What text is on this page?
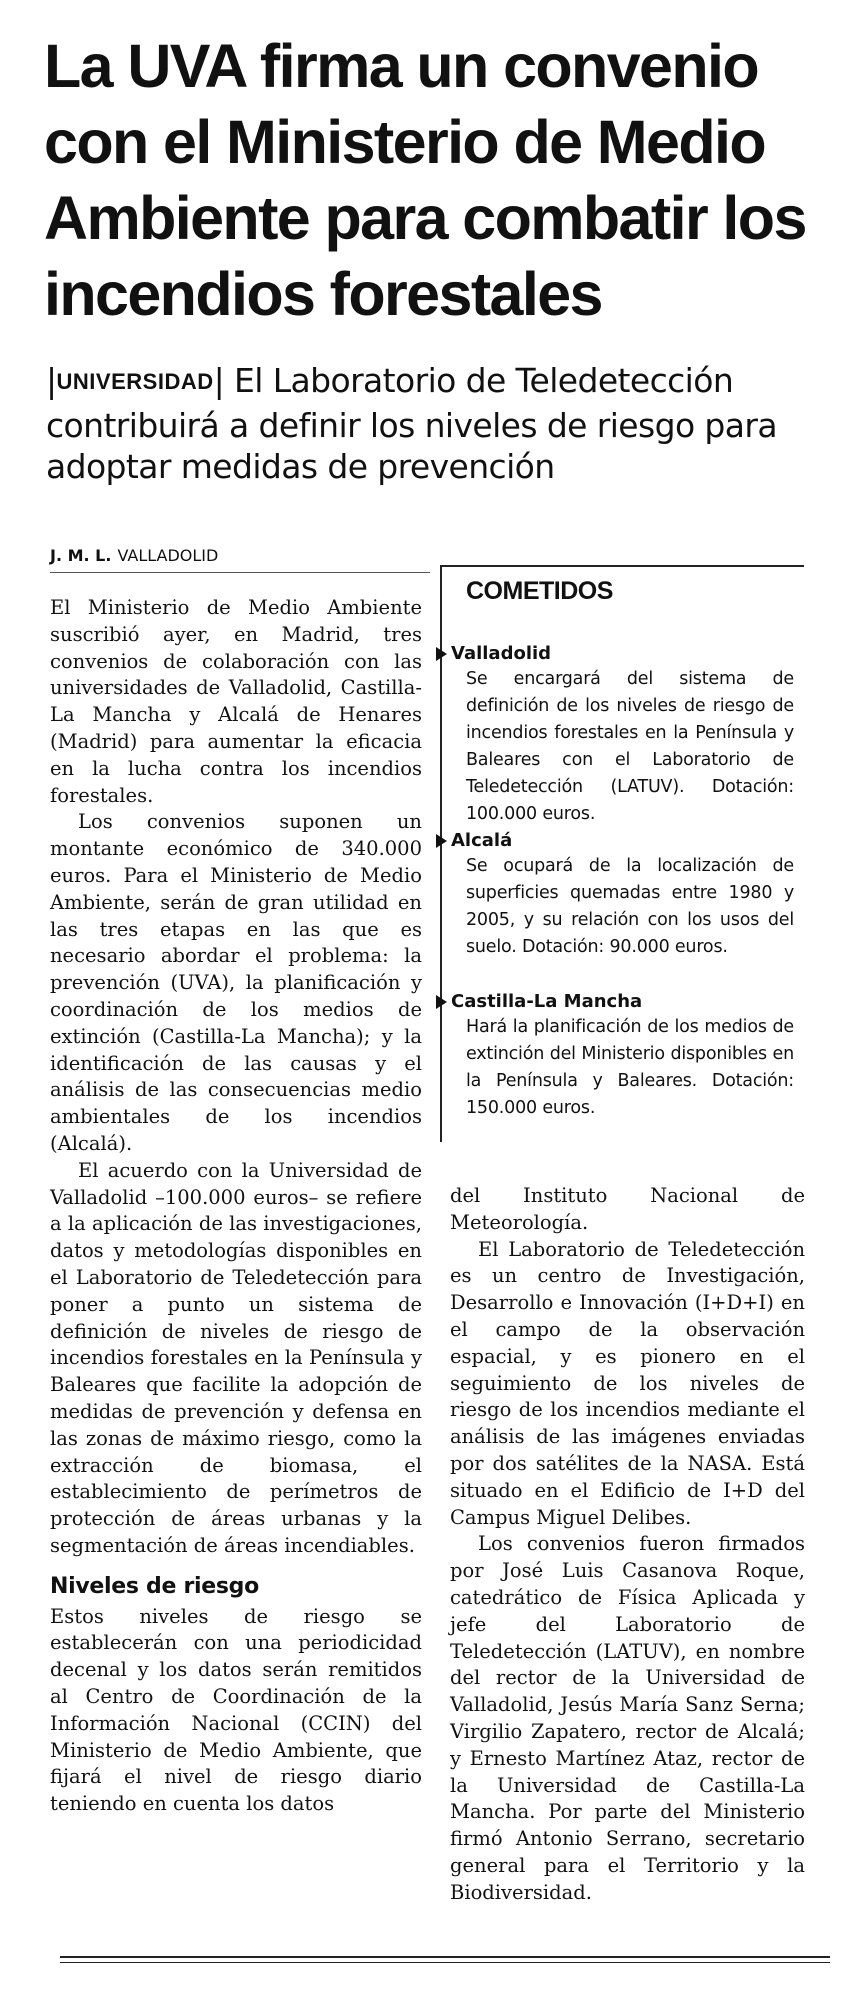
La UVA firma un convenio con el Ministerio de Medio Ambiente para combatir los incendios forestales

|UNIVERSIDAD| El Laboratorio de Teledetección contribuirá a definir los niveles de riesgo para adoptar medidas de prevención

J. M. L. VALLADOLID

El Ministerio de Medio Ambiente suscribió ayer, en Madrid, tres convenios de colaboración con las universidades de Valladolid, Castilla-La Mancha y Alcalá de Henares (Madrid) para aumentar la eficacia en la lucha contra los incendios forestales.

Los convenios suponen un montante económico de 340.000 euros. Para el Ministerio de Medio Ambiente, serán de gran utilidad en las tres etapas en las que es necesario abordar el problema: la prevención (UVA), la planificación y coordinación de los medios de extinción (Castilla-La Mancha); y la identificación de las causas y el análisis de las consecuencias medio ambientales de los incendios (Alcalá).

El acuerdo con la Universidad de Valladolid –100.000 euros– se refiere a la aplicación de las investigaciones, datos y metodologías disponibles en el Laboratorio de Teledetección para poner a punto un sistema de definición de niveles de riesgo de incendios forestales en la Península y Baleares que facilite la adopción de medidas de prevención y defensa en las zonas de máximo riesgo, como la extracción de biomasa, el establecimiento de perímetros de protección de áreas urbanas y la segmentación de áreas incendiables.

Niveles de riesgo

Estos niveles de riesgo se establecerán con una periodicidad decenal y los datos serán remitidos al Centro de Coordinación de la Información Nacional (CCIN) del Ministerio de Medio Ambiente, que fijará el nivel de riesgo diario teniendo en cuenta los datos

COMETIDOS
Valladolid

Se encargará del sistema de definición de los niveles de riesgo de incendios forestales en la Península y Baleares con el Laboratorio de Teledetección (LATUV). Dotación: 100.000 euros.

Alcalá

Se ocupará de la localización de superficies quemadas entre 1980 y 2005, y su relación con los usos del suelo. Dotación: 90.000 euros.

Castilla-La Mancha

Hará la planificación de los medios de extinción del Ministerio disponibles en la Península y Baleares. Dotación: 150.000 euros.

del Instituto Nacional de Meteorología.

El Laboratorio de Teledetección es un centro de Investigación, Desarrollo e Innovación (I+D+I) en el campo de la observación espacial, y es pionero en el seguimiento de los niveles de riesgo de los incendios mediante el análisis de las imágenes enviadas por dos satélites de la NASA. Está situado en el Edificio de I+D del Campus Miguel Delibes.

Los convenios fueron firmados por José Luis Casanova Roque, catedrático de Física Aplicada y jefe del Laboratorio de Teledetección (LATUV), en nombre del rector de la Universidad de Valladolid, Jesús María Sanz Serna; Virgilio Zapatero, rector de Alcalá; y Ernesto Martínez Ataz, rector de la Universidad de Castilla-La Mancha. Por parte del Ministerio firmó Antonio Serrano, secretario general para el Territorio y la Biodiversidad.
